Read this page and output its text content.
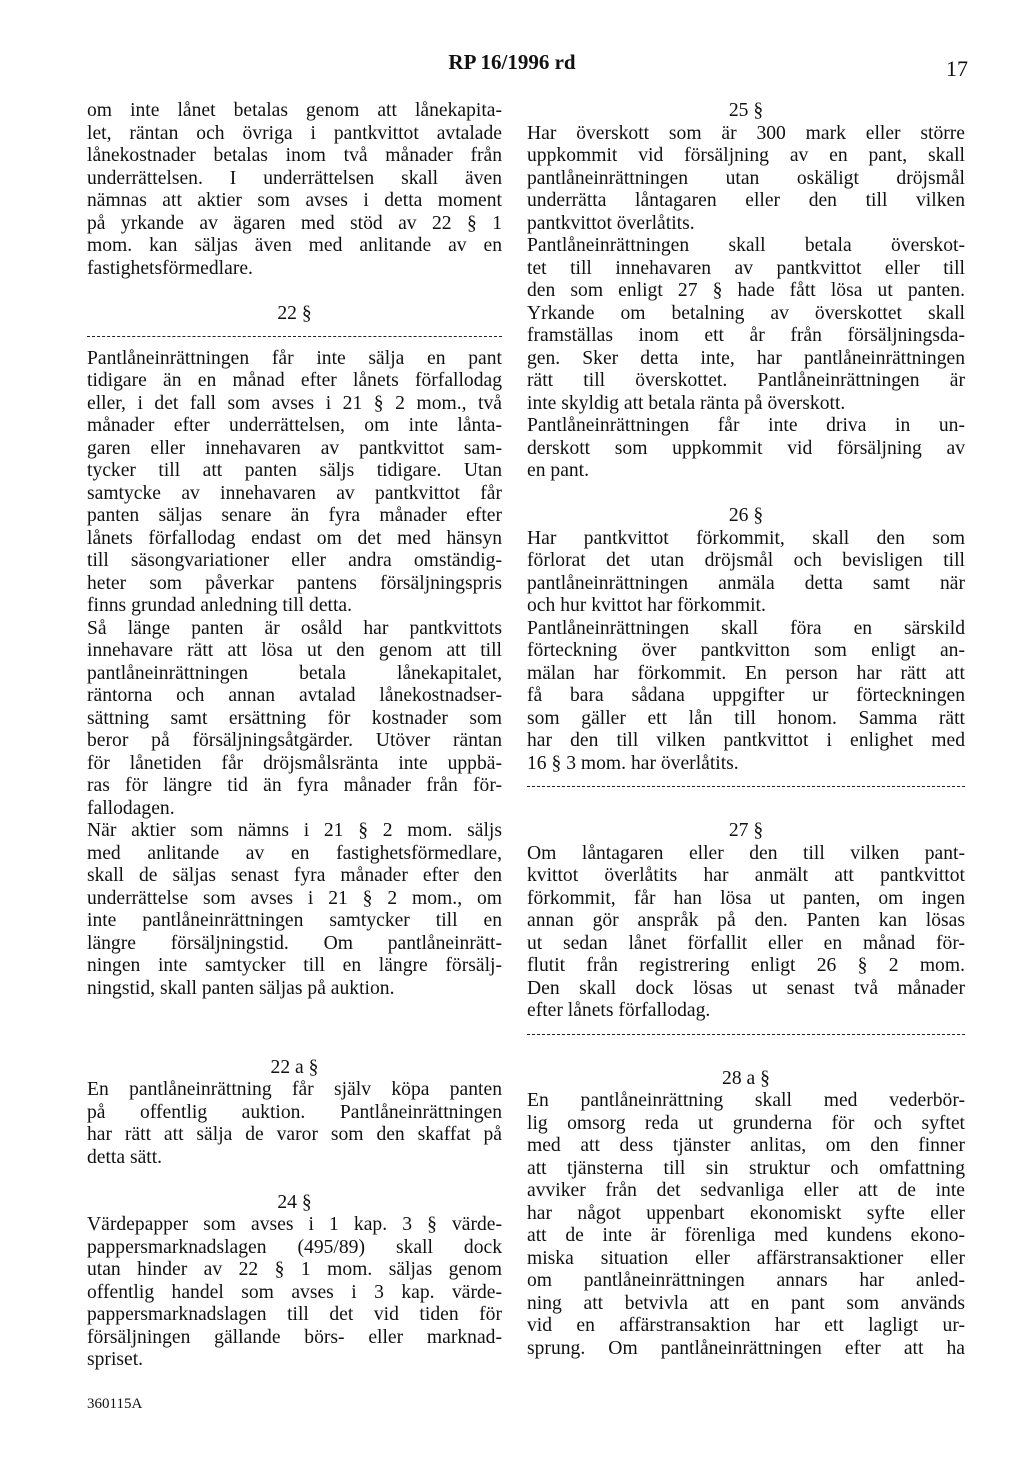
RP 16/1996 rd	17
om inte lånet betalas genom att lånekapita-
let, räntan och övriga i pantkvittot avtalade
lånekostnader betalas inom två månader från
underrättelsen. I underrättelsen skall även
nämnas att aktier som avses i detta moment
på yrkande av ägaren med stöd av 22 § 1
mom. kan säljas även med anlitande av en
fastighetsförmedlare.
22 §
Pantlåneinrättningen får inte sälja en pant
tidigare än en månad efter lånets förfallodag
eller, i det fall som avses i 21 § 2 mom., två
månader efter underrättelsen, om inte lånta-
garen eller innehavaren av pantkvittot sam-
tycker till att panten säljs tidigare. Utan
samtycke av innehavaren av pantkvittot får
panten säljas senare än fyra månader efter
lånets förfallodag endast om det med hänsyn
till säsongvariationer eller andra omständig-
heter som påverkar pantens försäljningspris
finns grundad anledning till detta.
Så länge panten är osåld har pantkvittots
innehavare rätt att lösa ut den genom att till
pantlåneinrättningen betala lånekapitalet,
räntorna och annan avtalad lånekostnadser-
sättning samt ersättning för kostnader som
beror på försäljningsåtgärder. Utöver räntan
för lånetiden får dröjsmålsränta inte uppbä-
ras för längre tid än fyra månader från för-
fallodagen.
När aktier som nämns i 21 § 2 mom. säljs
med anlitande av en fastighetsförmedlare,
skall de säljas senast fyra månader efter den
underrättelse som avses i 21 § 2 mom., om
inte pantlåneinrättningen samtycker till en
längre försäljningstid. Om pantlåneinrätt-
ningen inte samtycker till en längre försälj-
ningstid, skall panten säljas på auktion.
22 a §
En pantlåneinrättning får själv köpa panten
på offentlig auktion. Pantlåneinrättningen
har rätt att sälja de varor som den skaffat på
detta sätt.
24 §
Värdepapper som avses i 1 kap. 3 § värde-
pappersmarknadslagen (495/89) skall dock
utan hinder av 22 § 1 mom. säljas genom
offentlig handel som avses i 3 kap. värde-
pappersmarknadslagen till det vid tiden för
försäljningen gällande börs- eller marknad-
spriset.
25 §
Har överskott som är 300 mark eller större
uppkommit vid försäljning av en pant, skall
pantlåneinrättningen utan oskäligt dröjsmål
underrätta låntagaren eller den till vilken
pantkvittot överlåtits.
Pantlåneinrättningen skall betala överskot-
tet till innehavaren av pantkvittot eller till
den som enligt 27 § hade fått lösa ut panten.
Yrkande om betalning av överskottet skall
framställas inom ett år från försäljningsda-
gen. Sker detta inte, har pantlåneinrättningen
rätt till överskottet. Pantlåneinrättningen är
inte skyldig att betala ränta på överskott.
Pantlåneinrättningen får inte driva in un-
derskott som uppkommit vid försäljning av
en pant.
26 §
Har pantkvittot förkommit, skall den som
förlorat det utan dröjsmål och bevisligen till
pantlåneinrättningen anmäla detta samt när
och hur kvittot har förkommit.
Pantlåneinrättningen skall föra en särskild
förteckning över pantkvitton som enligt an-
mälan har förkommit. En person har rätt att
få bara sådana uppgifter ur förteckningen
som gäller ett lån till honom. Samma rätt
har den till vilken pantkvittot i enlighet med
16 § 3 mom. har överlåtits.
27 §
Om låntagaren eller den till vilken pant-
kvittot överlåtits har anmält att pantkvittot
förkommit, får han lösa ut panten, om ingen
annan gör anspråk på den. Panten kan lösas
ut sedan lånet förfallit eller en månad för-
flutit från registrering enligt 26 § 2 mom.
Den skall dock lösas ut senast två månader
efter lånets förfallodag.
28 a §
En pantlåneinrättning skall med vederbör-
lig omsorg reda ut grunderna för och syftet
med att dess tjänster anlitas, om den finner
att tjänsterna till sin struktur och omfattning
avviker från det sedvanliga eller att de inte
har något uppenbart ekonomiskt syfte eller
att de inte är förenliga med kundens ekono-
miska situation eller affärstransaktioner eller
om pantlåneinrättningen annars har anled-
ning att betvivla att en pant som används
vid en affärstransaktion har ett lagligt ur-
sprung. Om pantlåneinrättningen efter att ha
360115A
